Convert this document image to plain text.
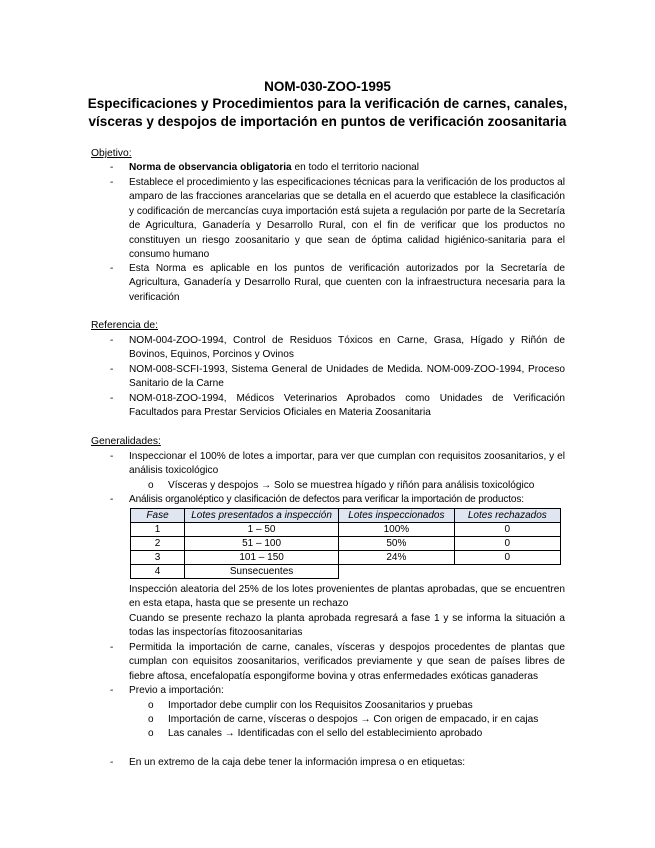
NOM-030-ZOO-1995

Especificaciones y Procedimientos para la verificación de carnes, canales,

vísceras y despojos de importación en puntos de verificación zoosanitaria

Objetivo:
- Norma de observancia obligatoria en todo el territorio nacional

- Establece el procedimiento y las especificaciones técnicas para la verificación de los productos al amparo de las fracciones arancelarias que se detalla en el acuerdo que establece la clasificación y codificación de mercancías cuya importación está sujeta a regulación por parte de la Secretaría de Agricultura, Ganadería y Desarrollo Rural, con el fin de verificar que los productos no constituyen un riesgo zoosanitario y que sean de óptima calidad higiénico-sanitaria para el consumo humano

- Esta Norma es aplicable en los puntos de verificación autorizados por la Secretaría de Agricultura, Ganadería y Desarrollo Rural, que cuenten con la infraestructura necesaria para la verificación

Referencia de:
- NOM-004-ZOO-1994, Control de Residuos Tóxicos en Carne, Grasa, Hígado y Riñón de Bovinos, Equinos, Porcinos y Ovinos

- NOM-008-SCFI-1993, Sistema General de Unidades de Medida. NOM-009-ZOO-1994, Proceso Sanitario de la Carne

- NOM-018-ZOO-1994, Médicos Veterinarios Aprobados como Unidades de Verificación Facultados para Prestar Servicios Oficiales en Materia Zoosanitaria

Generalidades:
- Inspeccionar el 100% de lotes a importar, para ver que cumplan con requisitos zoosanitarios, y el análisis toxicológico

o Vísceras y despojos → Solo se muestrea hígado y riñón para análisis toxicológico

- Análisis organoléptico y clasificación de defectos para verificar la importación de productos:

Fase	Lotes presentados a inspección	Lotes inspeccionados	Lotes rechazados
1	1 – 50	100%	0
2	51 – 100	50%	0
3	101 – 150	24%	0
4	Sunsecuentes		

Inspección aleatoria del 25% de los lotes provenientes de plantas aprobadas, que se encuentren en esta etapa, hasta que se presente un rechazo

Cuando se presente rechazo la planta aprobada regresará a fase 1 y se informa la situación a todas las inspectorías fitozoosanitarias

- Permitida la importación de carne, canales, vísceras y despojos procedentes de plantas que cumplan con equisitos zoosanitarios, verificados previamente y que sean de países libres de fiebre aftosa, encefalopatía espongiforme bovina y otras enfermedades exóticas ganaderas

- Previo a importación:

o Importador debe cumplir con los Requisitos Zoosanitarios y pruebas

o Importación de carne, vísceras o despojos → Con origen de empacado, ir en cajas

o Las canales → Identificadas con el sello del establecimiento aprobado

- En un extremo de la caja debe tener la información impresa o en etiquetas:
